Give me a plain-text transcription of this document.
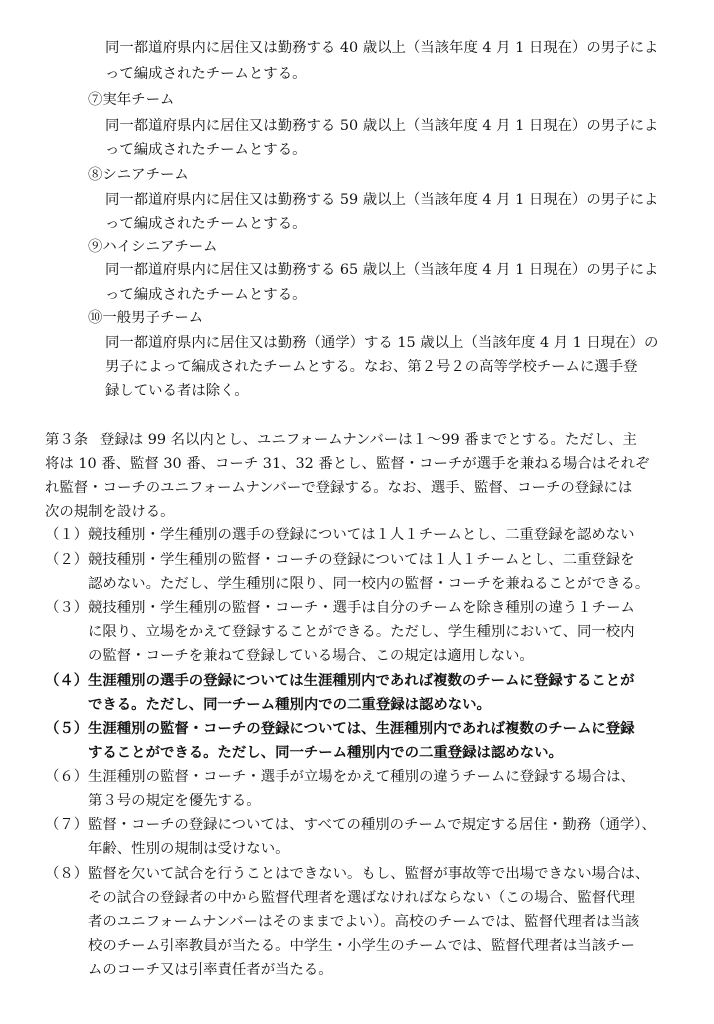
同一都道府県内に居住又は勤務する 40 歳以上（当該年度 4 月 1 日現在）の男子によ
って編成されたチームとする。
⑦実年チーム
同一都道府県内に居住又は勤務する 50 歳以上（当該年度 4 月 1 日現在）の男子によ
って編成されたチームとする。
⑧シニアチーム
同一都道府県内に居住又は勤務する 59 歳以上（当該年度 4 月 1 日現在）の男子によ
って編成されたチームとする。
⑨ハイシニアチーム
同一都道府県内に居住又は勤務する 65 歳以上（当該年度 4 月 1 日現在）の男子によ
って編成されたチームとする。
⑩一般男子チーム
同一都道府県内に居住又は勤務（通学）する 15 歳以上（当該年度 4 月 1 日現在）の
男子によって編成されたチームとする。なお、第２号２の高等学校チームに選手登
録している者は除く。
第３条 登録は 99 名以内とし、ユニフォームナンバーは１～99 番までとする。ただし、主
将は 10 番、監督 30 番、コーチ 31、32 番とし、監督・コーチが選手を兼ねる場合はそれぞ
れ監督・コーチのユニフォームナンバーで登録する。なお、選手、監督、コーチの登録には
次の規制を設ける。
（１） 競技種別・学生種別の選手の登録については１人１チームとし、二重登録を認めない
（２） 競技種別・学生種別の監督・コーチの登録については１人１チームとし、二重登録を
認めない。ただし、学生種別に限り、同一校内の監督・コーチを兼ねることができる。
（３） 競技種別・学生種別の監督・コーチ・選手は自分のチームを除き種別の違う１チーム
に限り、立場をかえて登録することができる。ただし、学生種別において、同一校内
の監督・コーチを兼ねて登録している場合、この規定は適用しない。
（４） 生涯種別の選手の登録については生涯種別内であれば複数のチームに登録することが
できる。ただし、同一チーム種別内での二重登録は認めない。
（５） 生涯種別の監督・コーチの登録については、生涯種別内であれば複数のチームに登録
することができる。ただし、同一チーム種別内での二重登録は認めない。
（６） 生涯種別の監督・コーチ・選手が立場をかえて種別の違うチームに登録する場合は、
第３号の規定を優先する。
（７） 監督・コーチの登録については、すべての種別のチームで規定する居住・勤務（通学）、
年齢、性別の規制は受けない。
（８） 監督を欠いて試合を行うことはできない。もし、監督が事故等で出場できない場合は、
その試合の登録者の中から監督代理者を選ばなければならない（この場合、監督代理
者のユニフォームナンバーはそのままでよい）。高校のチームでは、監督代理者は当該
校のチーム引率教員が当たる。中学生・小学生のチームでは、監督代理者は当該チー
ムのコーチ又は引率責任者が当たる。
